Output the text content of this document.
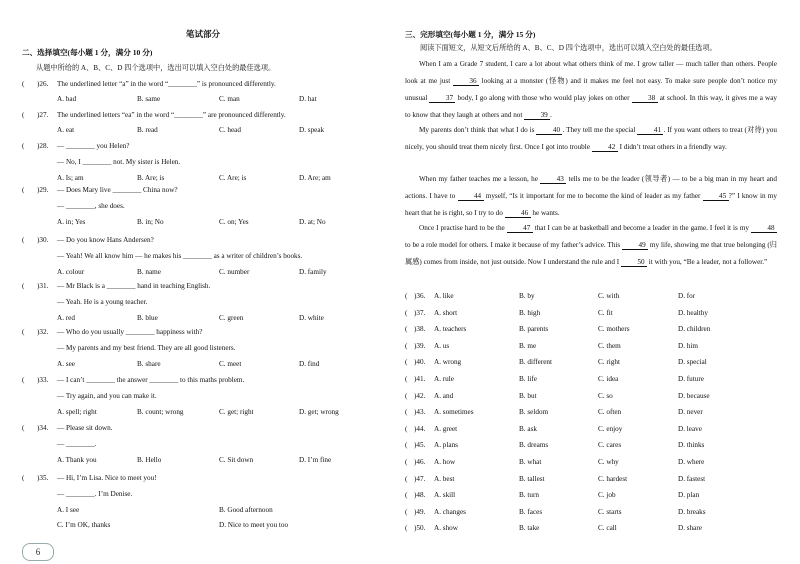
笔试部分
二、选择填空(每小题 1 分，满分 10 分)
从题中所给的 A、B、C、D 四个选项中，选出可以填入空白处的最佳选项。
( )26. The underlined letter “a” in the word “________” is pronounced differently.
A. bad	B. same	C. man	D. hat
( )27. The underlined letters “ea” in the word “________” are pronounced differently.
A. eat	B. read	C. head	D. speak
( )28. — ________ you Helen?
— No, I ________ not. My sister is Helen.
A. Is; am	B. Are; is	C. Are; is	D. Are; am
( )29. — Does Mary live ________ China now?
— ________, she does.
A. in; Yes	B. in; No	C. on; Yes	D. at; No
( )30. — Do you know Hans Andersen?
— Yeah! We all know him — he makes his ________ as a writer of children’s books.
A. colour	B. name	C. number	D. family
( )31. — Mr Black is a ________ hand in teaching English.
— Yeah. He is a young teacher.
A. red	B. blue	C. green	D. white
( )32. — Who do you usually ________ happiness with?
— My parents and my best friend. They are all good listeners.
A. see	B. share	C. meet	D. find
( )33. — I can’t ________ the answer ________ to this maths problem.
— Try again, and you can make it.
A. spell; right	B. count; wrong	C. get; right	D. get; wrong
( )34. — Please sit down.
— ________.
A. Thank you	B. Hello	C. Sit down	D. I’m fine
( )35. — Hi, I’m Lisa. Nice to meet you!
— ________. I’m Denise.
A. I see	B. Good afternoon
C. I’m OK, thanks	D. Nice to meet you too
6
三、完形填空(每小题 1 分，满分 15 分)
阅读下面短文，从短文后所给的 A、B、C、D 四个选项中，选出可以填入空白处的最佳选项。
When I am a Grade 7 student, I care a lot about what others think of me. I grow taller — much taller than others. People look at me just 36 looking at a monster (怪物) and it makes me feel not easy. To make sure people don’t notice my unusual 37 body, I go along with those who would play jokes on other 38 at school. In this way, it gives me a way to know that they laugh at others and not 39 .
My parents don’t think that what I do is 40 . They tell me the special 41 . If you want others to treat (对待) you nicely, you should treat them nicely first. Once I got into trouble 42 I didn’t treat others in a friendly way.
When my father teaches me a lesson, he 43 tells me to be the leader (领导者) — to be a big man in my heart and actions. I have to 44 myself, “Is it important for me to become the kind of leader as my father 45 ?” I know in my heart that he is right, so I try to do 46 he wants.
Once I practise hard to be the 47 that I can be at basketball and become a leader in the game. I feel it is my 48 to be a role model for others. I make it because of my father’s advice. This 49 my life, showing me that true belonging (归属感) comes from inside, not just outside. Now I understand the rule and I 50 it with you, “Be a leader, not a follower.”
( )36. A. like	B. by	C. with	D. for
( )37. A. short	B. high	C. fit	D. healthy
( )38. A. teachers	B. parents	C. mothers	D. children
( )39. A. us	B. me	C. them	D. him
( )40. A. wrong	B. different	C. right	D. special
( )41. A. rule	B. life	C. idea	D. future
( )42. A. and	B. but	C. so	D. because
( )43. A. sometimes	B. seldom	C. often	D. never
( )44. A. greet	B. ask	C. enjoy	D. leave
( )45. A. plans	B. dreams	C. cares	D. thinks
( )46. A. how	B. what	C. why	D. where
( )47. A. best	B. tallest	C. hardest	D. fastest
( )48. A. skill	B. turn	C. job	D. plan
( )49. A. changes	B. faces	C. starts	D. breaks
( )50. A. show	B. take	C. call	D. share
